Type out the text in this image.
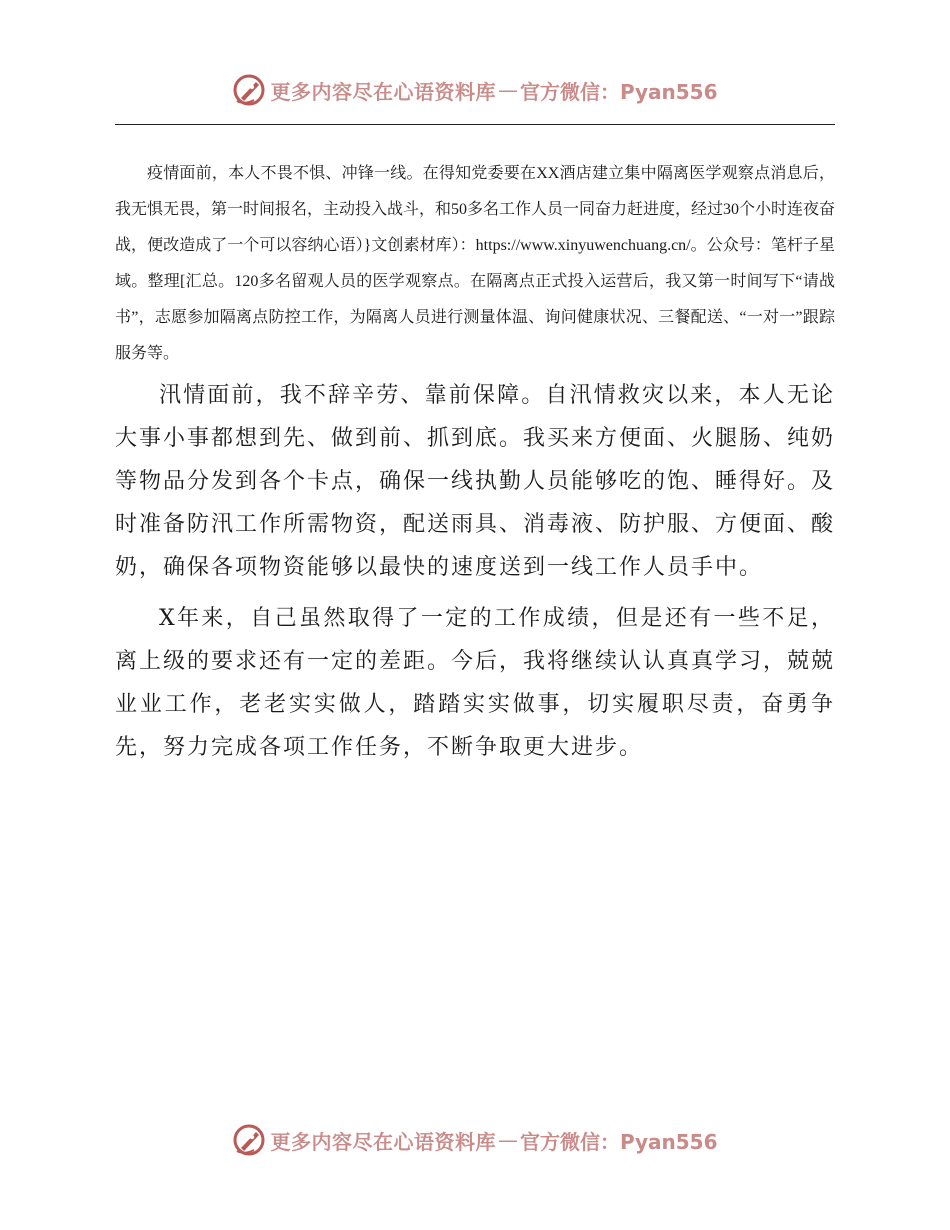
更多内容尽在心语资料库 — 官方微信：Pyan556

疫情面前，本人不畏不惧、冲锋一线。在得知党委要在XX酒店建立集中隔离医学观察点消息后，我无惧无畏，第一时间报名，主动投入战斗，和50多名工作人员一同奋力赶进度，经过30个小时连夜奋战，便改造成了一个可以容纳心语）}文创素材库）：https://www.xinyuwenchuang.cn/。公众号：笔杆子星域。整理[汇总。120多名留观人员的医学观察点。在隔离点正式投入运营后，我又第一时间写下“请战书”，志愿参加隔离点防控工作，为隔离人员进行测量体温、询问健康状况、三餐配送、“一对一”跟踪服务等。

汛情面前，我不辞辛劳、靠前保障。自汛情救灾以来，本人无论大事小事都想到先、做到前、抓到底。我买来方便面、火腿肠、纯奶等物品分发到各个卡点，确保一线执勤人员能够吃的饱、睡得好。及时准备防汛工作所需物资，配送雨具、消毒液、防护服、方便面、酸奶，确保各项物资能够以最快的速度送到一线工作人员手中。

X年来，自己虽然取得了一定的工作成绩，但是还有一些不足，离上级的要求还有一定的差距。今后，我将继续认认真真学习，兢兢业业工作，老老实实做人，踏踏实实做事，切实履职尽责，奋勇争先，努力完成各项工作任务，不断争取更大进步。

更多内容尽在心语资料库 — 官方微信：Pyan556
